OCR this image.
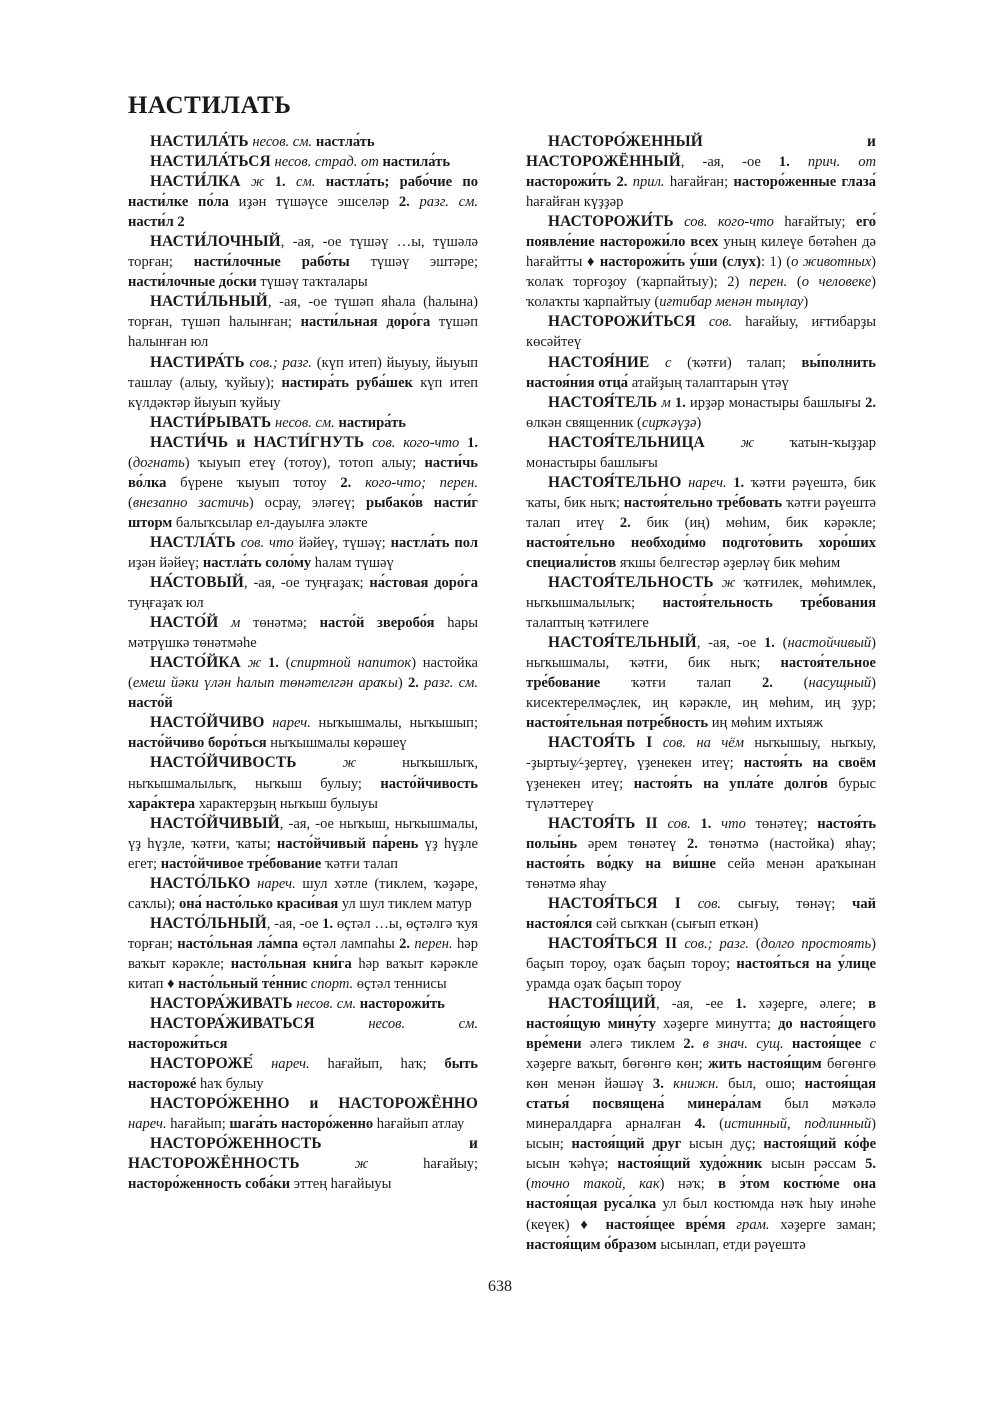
НАСТИЛАТЬ

НАСТИЛА́ТЬ несов. см. настла́ть

НАСТИЛА́ТЬСЯ несов. страд. от настила́ть

НАСТИ́ЛКА ж 1. см. настла́ть; рабо́чие по насти́лке по́ла иҙән түшәүсе эшселәр 2. разг. см. насти́л 2

НАСТИ́ЛОЧНЫЙ, -ая, -ое түшәү …ы, түшәлә торған; насти́лочные рабо́ты түшәү эштәре; насти́лочные до́ски түшәү таҡталары

НАСТИ́ЛЬНЫЙ, -ая, -ое түшәп яһала (һалына) торған, түшәп һалынған; насти́льная доро́га түшәп һалынған юл

НАСТИРА́ТЬ сов.; разг. (күп итеп) йыуыу, йыуып ташлау (алыу, ҡуйыу); настира́ть руба́шек күп итеп күлдәктәр йыуып ҡуйыу

НАСТИ́РЫВАТЬ несов. см. настира́ть

НАСТИ́ЧЬ и НАСТИ́ГНУТЬ сов. кого-что 1. (догнать) ҡыуып етеү (тотоу), тотоп алыу; насти́чь во́лка бүрене ҡыуып тотоу 2. кого-что; перен. (внезапно застичь) осрау, эләгеү; рыбако́в насти́г шторм балыҡсылар ел-дауылға эләкте

НАСТЛА́ТЬ сов. что йәйеү, түшәү; настла́ть пол иҙән йәйеү; настла́ть соло́му һалам түшәү

НА́СТОВЫЙ, -ая, -ое туңғаҙаҡ; на́стовая доро́га туңғаҙаҡ юл

НАСТО́Й м төнәтмә; насто́й зверобо́я һары мәтрүшкә төнәтмәһе

НАСТО́ЙКА ж 1. (спиртной напиток) настойка (емеш йәки үлән һалып төнәтелгән араҡы) 2. разг. см. насто́й

НАСТО́ЙЧИВО нареч. ныҡышмалы, ныҡышып; насто́йчиво боро́ться ныҡышмалы көрәшеү

НАСТО́ЙЧИВОСТЬ	ж ныҡышлыҡ, ныҡышмалылыҡ, ныҡыш булыу; насто́йчивость хара́ктера характерҙың ныҡыш булыуы

НАСТО́ЙЧИВЫЙ, -ая, -ое ныҡыш, ныҡышмалы, үҙ һүҙле, ҡәтғи, ҡаты; насто́йчивый па́рень үҙ һүҙле егет; насто́йчивое тре́бование ҡәтғи талап

НАСТО́ЛЬКО нареч. шул хәтле (тиклем, ҡәҙәре, саҡлы); она́ насто́лько краси́вая ул шул тиклем матур

НАСТО́ЛЬНЫЙ, -ая, -ое 1. өҫтәл …ы, өҫтәлгә ҡуя торған; насто́льная ла́мпа өҫтәл лампаһы 2. перен. һәр ваҡыт кәрәкле; насто́льная кни́га һәр ваҡыт кәрәкле китап ♦ насто́льный те́ннис спорт. өҫтәл теннисы

НАСТОРА́ЖИВАТЬ несов. см. насторожи́ть

НАСТОРА́ЖИВАТЬСЯ	несов. см. насторожи́ться

НАСТОРОЖЕ́ нареч. һағайып, һаҡ; быть насторожé һаҡ булыу

НАСТОРО́ЖЕННО и НАСТОРОЖЁННО нареч. һағайып; шага́ть насторо́женно һағайып атлау

НАСТОРО́ЖЕННОСТЬ и НАСТОРОЖЁННОСТЬ	ж һағайыу; насторо́женность соба́ки эттең һағайыуы

НАСТОРО́ЖЕННЫЙ и НАСТОРОЖЁННЫЙ, -ая, -ое 1. прич. от насторожи́ть 2. прил. һағайған; насторо́женные глаза́ һағайған күҙҙәр

НАСТОРОЖИ́ТЬ сов. кого-что һағайтыу; его́ появле́ние насторожи́ло всех уның килеүе бөтәһен дә һағайтты ♦ насторожи́ть у́ши (слух): 1) (о животных) ҡолаҡ торғоҙоу (ҡарпайтыу); 2) перен. (о человеке) ҡолаҡты ҡарпайтыу (иғтибар менән тыңлау)

НАСТОРОЖИ́ТЬСЯ сов. һағайыу, иғтибарҙы көсәйтеү

НАСТОЯ́НИЕ с (ҡәтғи) талап; вы́полнить настоя́ния отца́ атайҙың талаптарын үтәү

НАСТОЯ́ТЕЛЬ м 1. ирҙәр монастыры башлығы 2. өлкән священник (сирҡәүҙә)

НАСТОЯ́ТЕЛЬНИЦА ж ҡатын-ҡыҙҙар монастыры башлығы

НАСТОЯ́ТЕЛЬНО нареч. 1. ҡәтғи рәүештә, бик ҡаты, бик ныҡ; настоя́тельно тре́бовать ҡәтғи рәүештә талап итеү 2. бик (иң) мөһим, бик кәрәкле; настоя́тельно необходи́мо подгото́вить хоро́ших специали́стов яҡшы белгестәр әҙерләү бик мөһим

НАСТОЯ́ТЕЛЬНОСТЬ ж ҡәтғилек, мөһимлек, ныҡышмалылыҡ; настоя́тельность тре́бования талаптың ҡәтғилеге

НАСТОЯ́ТЕЛЬНЫЙ, -ая, -ое 1. (настойчивый) ныҡышмалы, ҡәтғи, бик ныҡ; настоя́тельное тре́бование ҡәтғи талап 2. (насущный) кисектерелмәҫлек, иң кәрәкле, иң мөһим, иң ҙур; настоя́тельная потре́бность иң мөһим ихтыяж

НАСТОЯ́ТЬ I сов. на чём ныҡышыу, ныҡыу, -ҙыртыу⁄-ҙертеү, үҙенекен итеү; настоя́ть на своём үҙенекен итеү; настоя́ть на упла́те долго́в бурыс түләттереү

НАСТОЯ́ТЬ II сов. 1. что төнәтеү; настоя́ть полы́нь әрем төнәтеү 2. төнәтмә (настойка) яһау; настоя́ть во́дку на ви́шне сейә менән араҡынан төнәтмә яһау

НАСТОЯ́ТЬСЯ I сов. сығыу, төнәү; чай настоя́лся сәй сыҡҡан (сығып еткән)

НАСТОЯ́ТЬСЯ II сов.; разг. (долго простоять) баҫып тороу, оҙаҡ баҫып тороу; настоя́ться на у́лице урамда оҙаҡ баҫып тороу

НАСТОЯ́ЩИЙ, -ая, -ее 1. хәҙерге, әлеге; в настоя́щую мину́ту хәҙерге минутта; до настоя́щего вре́мени әлегә тиклем 2. в знач. сущ. настоя́щее с хәҙерге ваҡыт, бөгөнгө көн; жить настоя́щим бөгөнгө көн менән йәшәү 3. книжн. был, ошо; настоя́щая статья́ посвящена́ минера́лам был мәҡәлә минералдарға арналған 4. (истинный, подлинный) ысын; настоя́щий друг ысын дуҫ; настоя́щий ко́фе ысын ҡәһүә; настоя́щий худо́жник ысын рәссам 5. (точно такой, как) нәҡ; в э́том костю́ме она настоя́щая руса́лка ул был костюмда нәҡ һыу инәһе (кеүек) ♦ настоя́щее вре́мя грам. хәҙерге заман; настоя́щим о́бразом ысынлап, етди рәүештә

638
